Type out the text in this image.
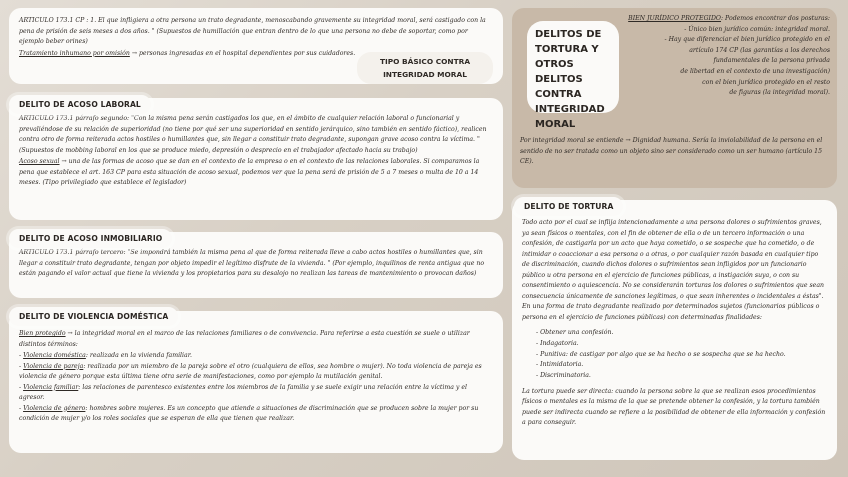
ARTICULO 173.1 CP : 1. El que infligiera a otra persona un trato degradante, menoscabando gravemente su integridad moral, será castigado con la pena de prisión de seis meses a dos años. " (Supuestos de humillación que entran dentro de lo que una persona no debe de soportar, como por ejemplo beber orines)

Tratamiento inhumano por omisión → personas ingresadas en el hospital dependientes por sus cuidadores.

TIPO BÁSICO CONTRA INTEGRIDAD MORAL

ARTICULO 173.1 párrafo segundo: "Con la misma pena serán castigados los que, en el ámbito de cualquier relación laboral o funcionarial y prevaliéndose de su relación de superioridad (no tiene por qué ser una superioridad en sentido jerárquico, sino también en sentido fáctico), realicen contra otro de forma reiterada actos hostiles o humillantes que, sin llegar a constituir trato degradante, supongan grave acoso contra la víctima. " (Supuestos de mobbing laboral en los que se produce miedo, depresión o desprecio en el trabajador afectado hacia su trabajo)

Acoso sexual → una de las formas de acoso que se dan en el contexto de la empresa o en el contexto de las relaciones laborales. Si comparamos la pena que establece el art. 163 CP para esta situación de acoso sexual, podemos ver que la pena será de prisión de 5 a 7 meses o multa de 10 a 14 meses. (Tipo privilegiado que establece el legislador)

DELITO DE ACOSO LABORAL

ARTICULO 173.1 párrafo tercero: "Se impondrá también la misma pena al que de forma reiterada lleve a cabo actos hostiles o humillantes que, sin llegar a constituir trato degradante, tengan por objeto impedir el legítimo disfrute de la vivienda. " (Por ejemplo, inquilinos de renta antigua que no están pagando el valor actual que tiene la vivienda y los propietarios para su desalojo no realizan las tareas de mantenimiento o provocan daños)

DELITO DE ACOSO INMOBILIARIO

Bien protegido → la integridad moral en el marco de las relaciones familiares o de convivencia. Para referirse a esta cuestión se suele o utilizar distintos términos:

- Violencia doméstica: realizada en la vivienda familiar.
- Violencia de pareja: realizada por un miembro de la pareja sobre el otro (cualquiera de ellos, sea hombre o mujer). No toda violencia de pareja es violencia de género porque esta última tiene otra serie de manifestaciones, como por ejemplo la mutilación genital.
- Violencia familiar: las relaciones de parentesco existentes entre los miembros de la familia y se suele exigir una relación entre la víctima y el agresor.
- Violencia de género: hombres sobre mujeres. Es un concepto que atiende a situaciones de discriminación que se producen sobre la mujer por su condición de mujer y/o los roles sociales que se esperan de ella que tienen que realizar.
DELITO DE VIOLENCIA DOMÉSTICA
DELITOS DE TORTURA Y OTROS DELITOS CONTRA INTEGRIDAD MORAL
BIEN JURÍDICO PROTEGIDO: Podemos encontrar dos posturas:
- Único bien jurídico común: integridad moral.
- Hay que diferenciar el bien jurídico protegido en el
artículo 174 CP (las garantías a los derechos
fundamentales de la persona privada
de libertad en el contexto de una investigación)
con el bien jurídico protegido en el resto
de figuras (la integridad moral).
Por integridad moral se entiende → Dignidad humana. Sería la inviolabilidad de la persona en el sentido de no ser tratada como un objeto sino ser considerado como un ser humano (artículo 15 CE).

Todo acto por el cual se inflija intencionadamente a una persona dolores o sufrimientos graves, ya sean físicos o mentales, con el fin de obtener de ella o de un tercero información o una confesión, de castigarla por un acto que haya cometido, o se sospeche que ha cometido, o de intimidar o coaccionar a esa persona o a otras, o por cualquier razón basada en cualquier tipo de discriminación, cuando dichos dolores o sufrimientos sean infligidos por un funcionario público u otra persona en el ejercicio de funciones públicas, a instigación suya, o con su consentimiento o aquiescencia. No se considerarán torturas los dolores o sufrimientos que sean consecuencia únicamente de sanciones legítimas, o que sean inherentes o incidentales a éstas". En una forma de trato degradante realizado por determinados sujetos (funcionarios públicos o persona en el ejercicio de funciones públicas) con determinadas finalidades:

- Obtener una confesión.
- Indagatoria.
- Punitiva: de castigar por algo que se ha hecho o se sospecha que se ha hecho.
- Intimidatoria.
- Discriminatoria.

La tortura puede ser directa: cuando la persona sobre la que se realizan esos procedimientos físicos o mentales es la misma de la que se pretende obtener la confesión, y la tortura también puede ser indirecta cuando se refiere a la posibilidad de obtener de ella información y confesión a para conseguir.

DELITO DE TORTURA
